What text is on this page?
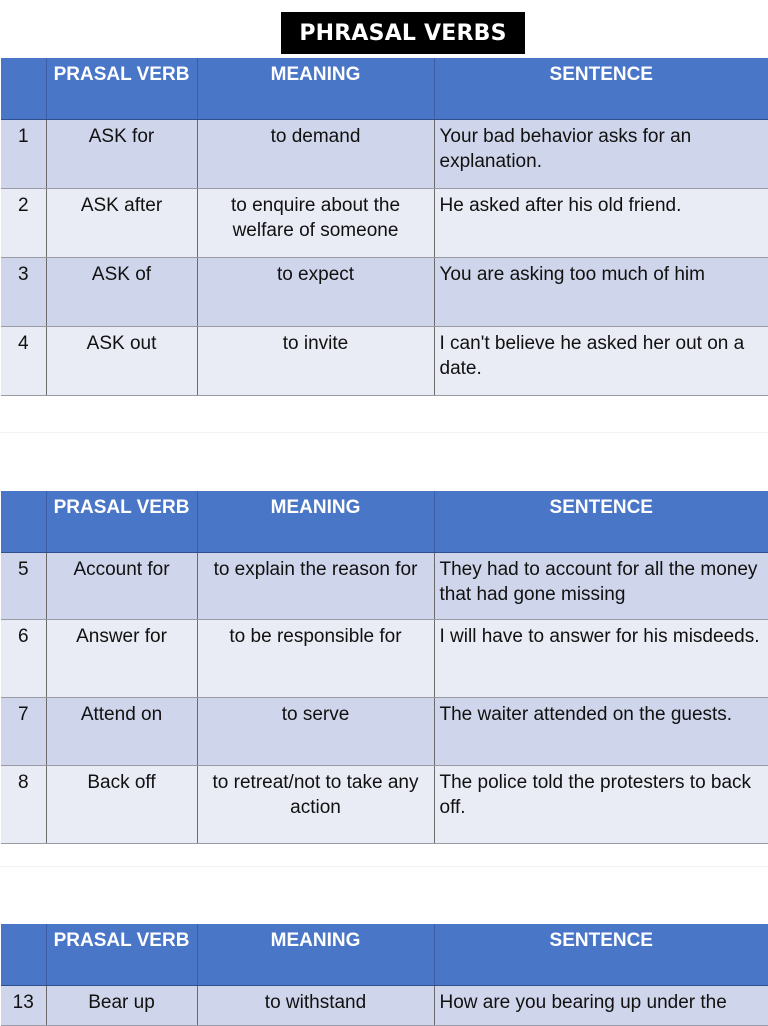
PHRASAL VERBS
	PRASAL VERB	MEANING	SENTENCE
1	ASK for	to demand	Your bad behavior asks for an explanation.
2	ASK after	to enquire about the welfare of someone	He asked after his old friend.
3	ASK of	to expect	You are asking too much of him
4	ASK out	to invite	I can't believe he asked her out on a date.
	PRASAL VERB	MEANING	SENTENCE
5	Account for	to explain the reason for	They had to account for all the money that had gone missing
6	Answer for	to be responsible for	I will have to answer for his misdeeds.
7	Attend on	to serve	The waiter attended on the guests.
8	Back off	to retreat/not to take any action	The police told the protesters to back off.
	PRASAL VERB	MEANING	SENTENCE
13	Bear up	to withstand	How are you bearing up under the
